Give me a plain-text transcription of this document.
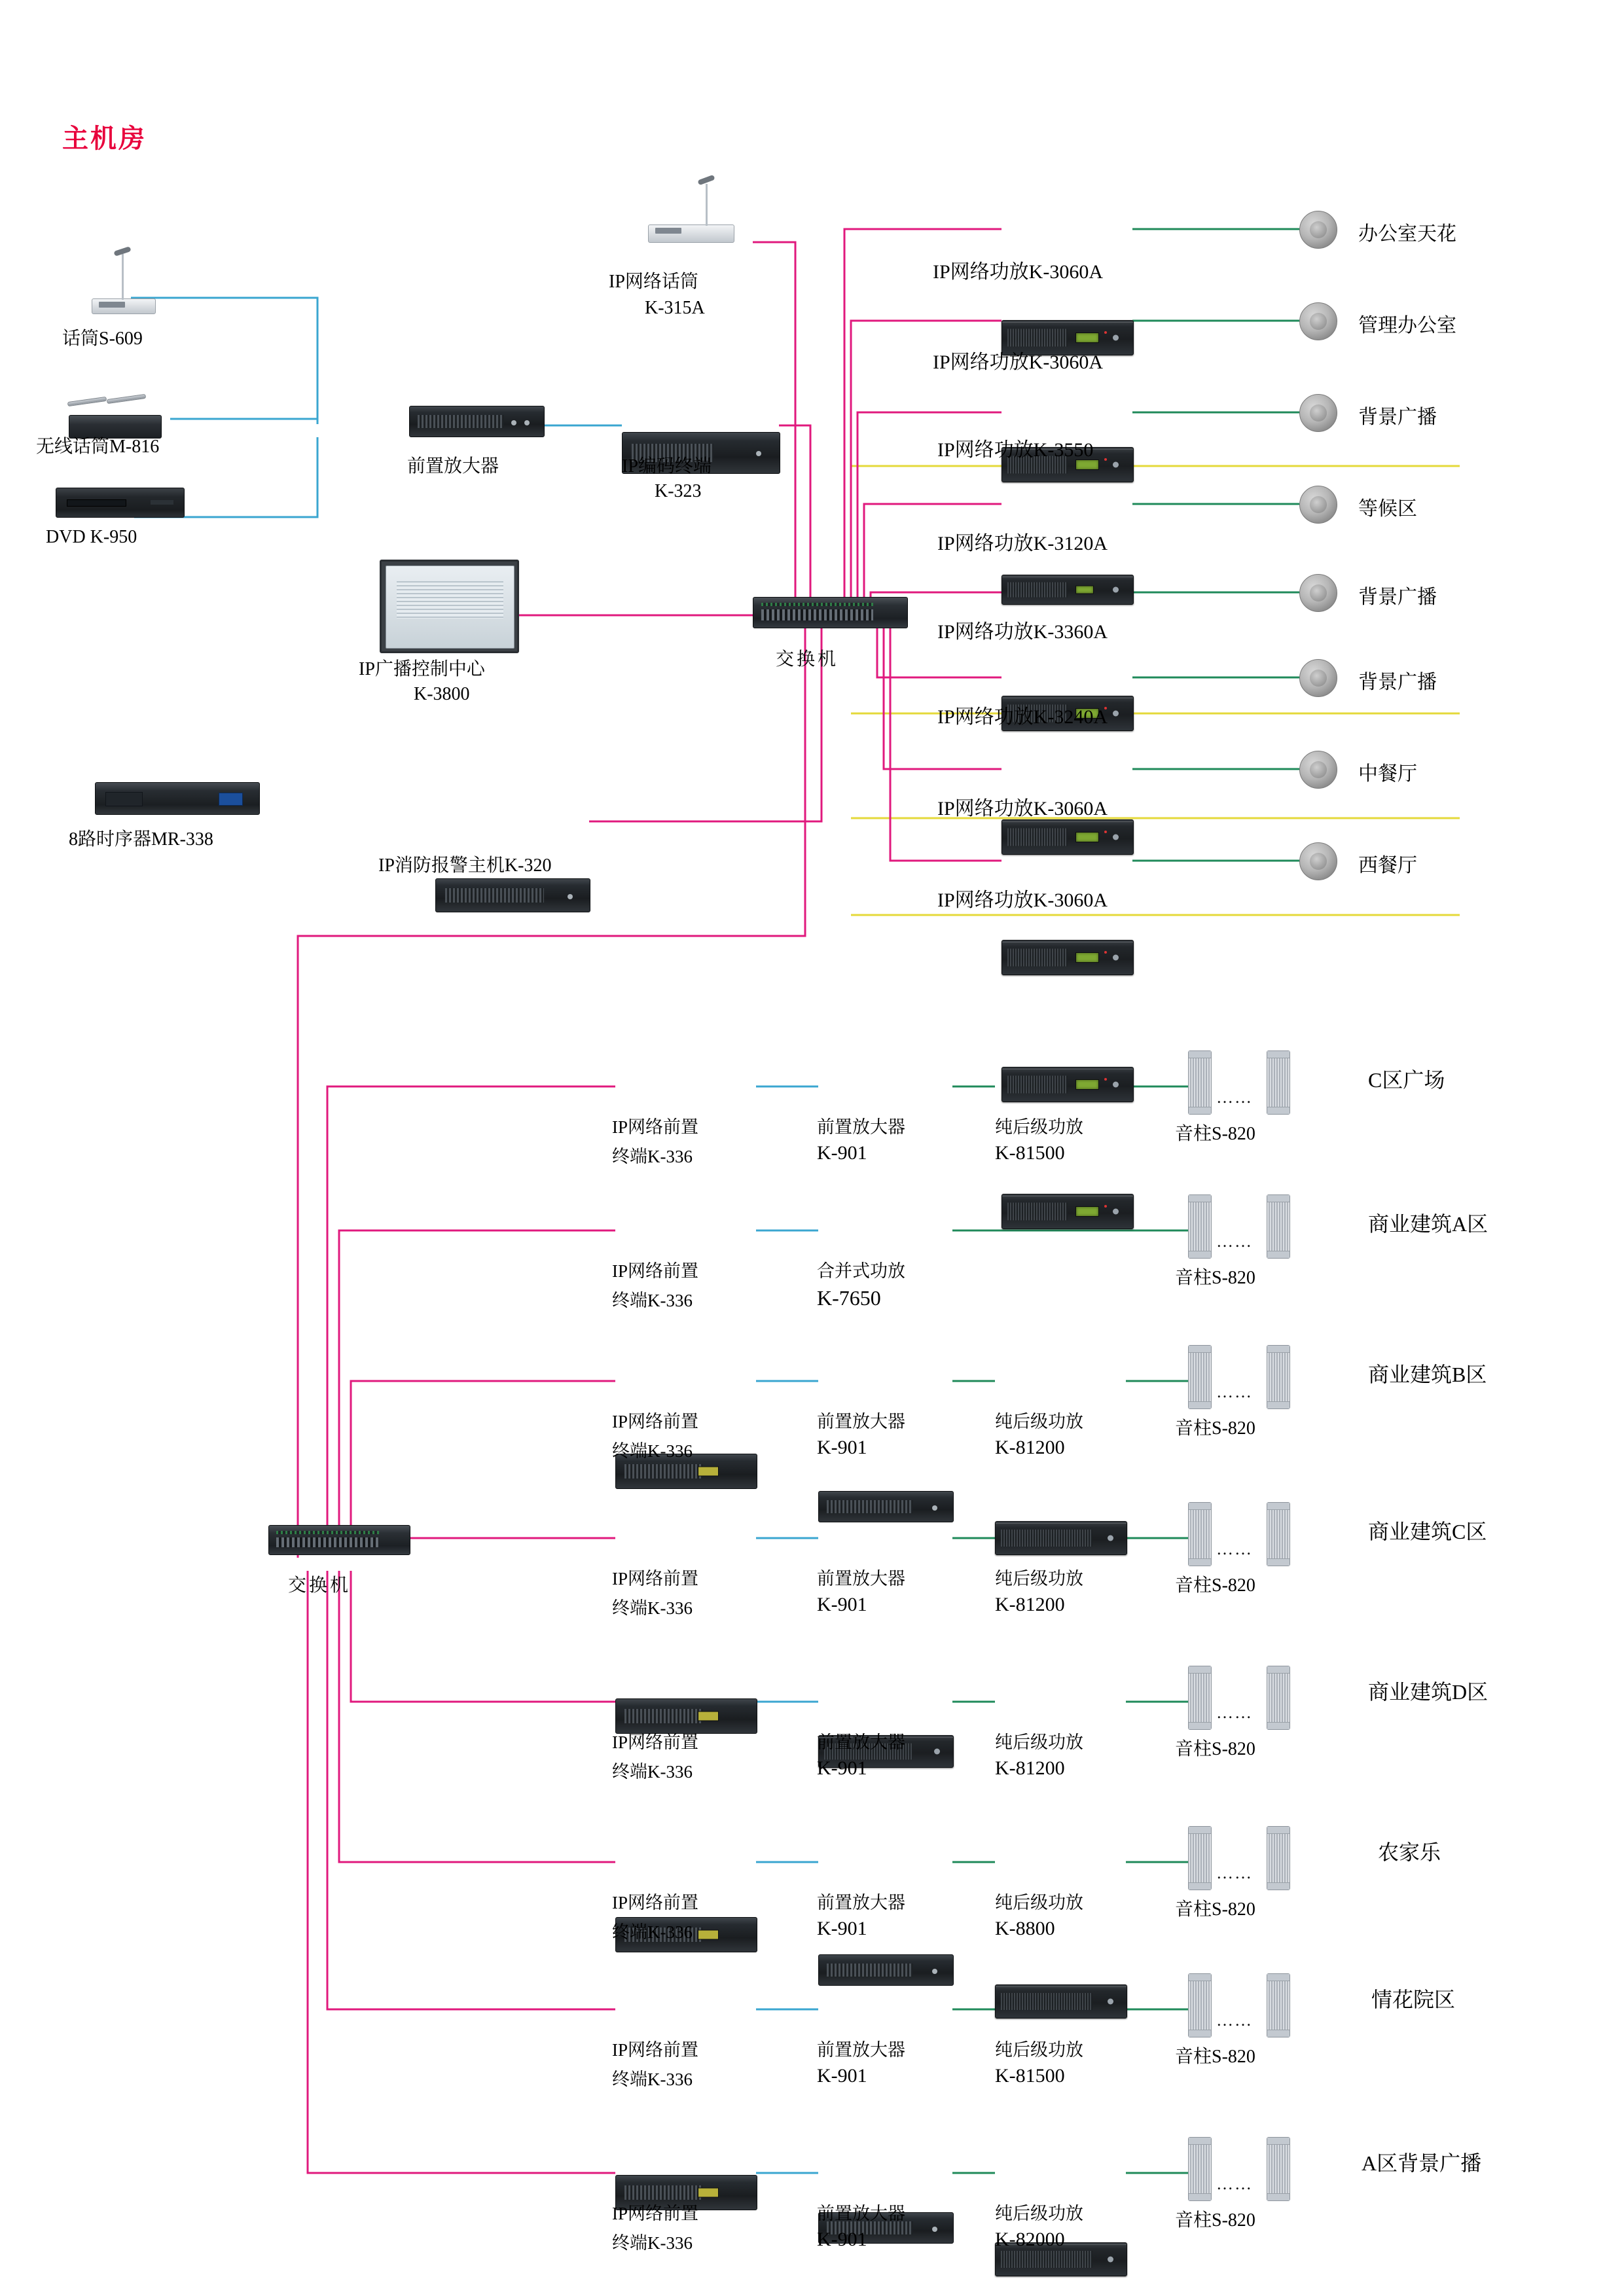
主机房
话筒S-609
无线话筒M-816
DVD K-950
前置放大器	IP编码终端
K-323
IP网络话筒
K-315A
IP广播控制中心
K-3800
8路时序器MR-338
IP消防报警主机K-320
交换机
IP网络功放K-3060A
办公室天花
IP网络功放K-3060A
管理办公室
IP网络功放K-3550
背景广播
IP网络功放K-3120A
等候区
IP网络功放K-3360A
背景广播
IP网络功放K-3240A
背景广播
IP网络功放K-3060A
中餐厅
IP网络功放K-3060A
西餐厅
交换机
IP网络前置
终端K-336
前置放大器
K-901
纯后级功放
K-81500
……
音柱S-820
C区广场
IP网络前置
终端K-336
合并式功放
K-7650
……
音柱S-820
商业建筑A区
IP网络前置
终端K-336
前置放大器
K-901
纯后级功放
K-81200
……
音柱S-820
商业建筑B区
IP网络前置
终端K-336
前置放大器
K-901
纯后级功放
K-81200
……
音柱S-820
商业建筑C区
IP网络前置
终端K-336
前置放大器
K-901
纯后级功放
K-81200
……
音柱S-820
商业建筑D区
IP网络前置
终端K-336
前置放大器
K-901
纯后级功放
K-8800
……
音柱S-820
农家乐
IP网络前置
终端K-336
前置放大器
K-901
纯后级功放
K-81500
……
音柱S-820
情花院区
IP网络前置
终端K-336
前置放大器
K-901
纯后级功放
K-82000
……
音柱S-820
A区背景广播
